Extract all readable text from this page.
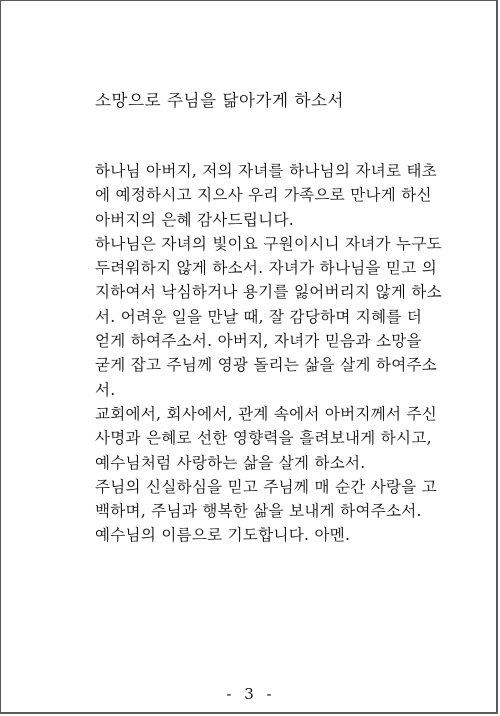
소망으로 주님을 닮아가게 하소서
하나님 아버지, 저의 자녀를 하나님의 자녀로 태초
에 예정하시고 지으사 우리 가족으로 만나게 하신
아버지의 은혜 감사드립니다.
하나님은 자녀의 빛이요 구원이시니 자녀가 누구도
두려워하지 않게 하소서. 자녀가 하나님을 믿고 의
지하여서 낙심하거나 용기를 잃어버리지 않게 하소
서. 어려운 일을 만날 때, 잘 감당하며 지혜를 더
얻게 하여주소서. 아버지, 자녀가 믿음과 소망을
굳게 잡고 주님께 영광 돌리는 삶을 살게 하여주소
서.
교회에서, 회사에서, 관계 속에서 아버지께서 주신
사명과 은혜로 선한 영향력을 흘려보내게 하시고,
예수님처럼 사랑하는 삶을 살게 하소서.
주님의 신실하심을 믿고 주님께 매 순간 사랑을 고
백하며, 주님과 행복한 삶을 보내게 하여주소서.
예수님의 이름으로 기도합니다. 아멘.
- 3 -
